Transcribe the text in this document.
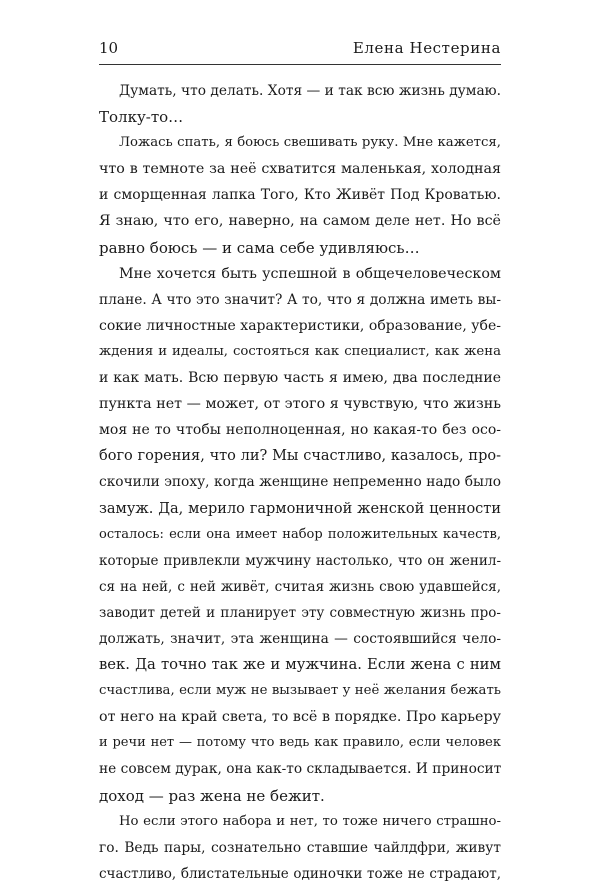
10	Елена Нестерина
Думать, что делать. Хотя — и так всю жизнь думаю.
Толку-то…
Ложась спать, я боюсь свешивать руку. Мне кажется,
что в темноте за неё схватится маленькая, холодная
и сморщенная лапка Того, Кто Живёт Под Кроватью.
Я знаю, что его, наверно, на самом деле нет. Но всё
равно боюсь — и сама себе удивляюсь…
Мне хочется быть успешной в общечеловеческом
плане. А что это значит? А то, что я должна иметь вы-
сокие личностные характеристики, образование, убе-
ждения и идеалы, состояться как специалист, как жена
и как мать. Всю первую часть я имею, два последние
пункта нет — может, от этого я чувствую, что жизнь
моя не то чтобы неполноценная, но какая-то без осо-
бого горения, что ли? Мы счастливо, казалось, про-
скочили эпоху, когда женщине непременно надо было
замуж. Да, мерило гармоничной женской ценности
осталось: если она имеет набор положительных качеств,
которые привлекли мужчину настолько, что он женил-
ся на ней, с ней живёт, считая жизнь свою удавшейся,
заводит детей и планирует эту совместную жизнь про-
должать, значит, эта женщина — состоявшийся чело-
век. Да точно так же и мужчина. Если жена с ним
счастлива, если муж не вызывает у неё желания бежать
от него на край света, то всё в порядке. Про карьеру
и речи нет — потому что ведь как правило, если человек
не совсем дурак, она как-то складывается. И приносит
доход — раз жена не бежит.
Но если этого набора и нет, то тоже ничего страшно-
го. Ведь пары, сознательно ставшие чайлдфри, живут
счастливо, блистательные одиночки тоже не страдают,
